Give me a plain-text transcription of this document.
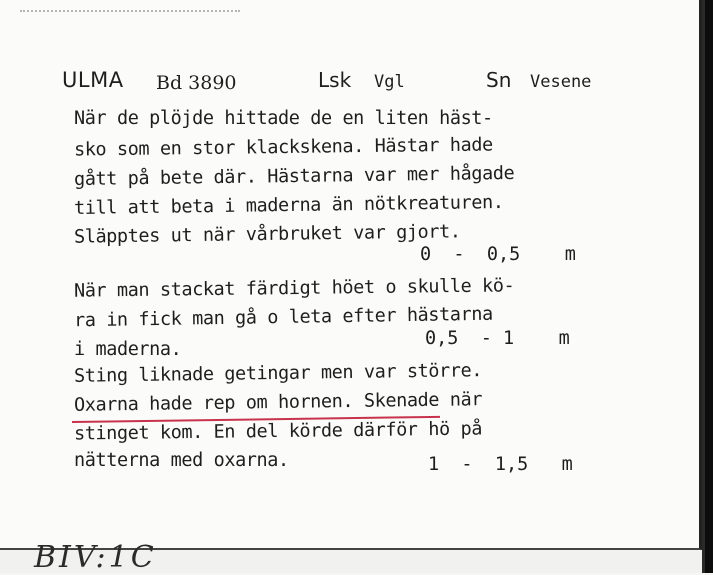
ULMA Bd 3890	Lsk Vgl	Sn Vesene
När de plöjde hittade de en liten häst-
sko som en stor klackskena. Hästar hade
gått på bete där. Hästarna var mer hågade
till att beta i maderna än nötkreaturen.
Släpptes ut när vårbruket var gjort.
0  -  0,5    m
När man stackat färdigt höet o skulle kö-
ra in fick man gå o leta efter hästarna
i maderna.
0,5  - 1    m
Sting liknade getingar men var större.
Oxarna hade rep om hornen. Skenade när
stinget kom. En del körde därför hö på
nätterna med oxarna.	1  -  1,5   m
BIV:1C
